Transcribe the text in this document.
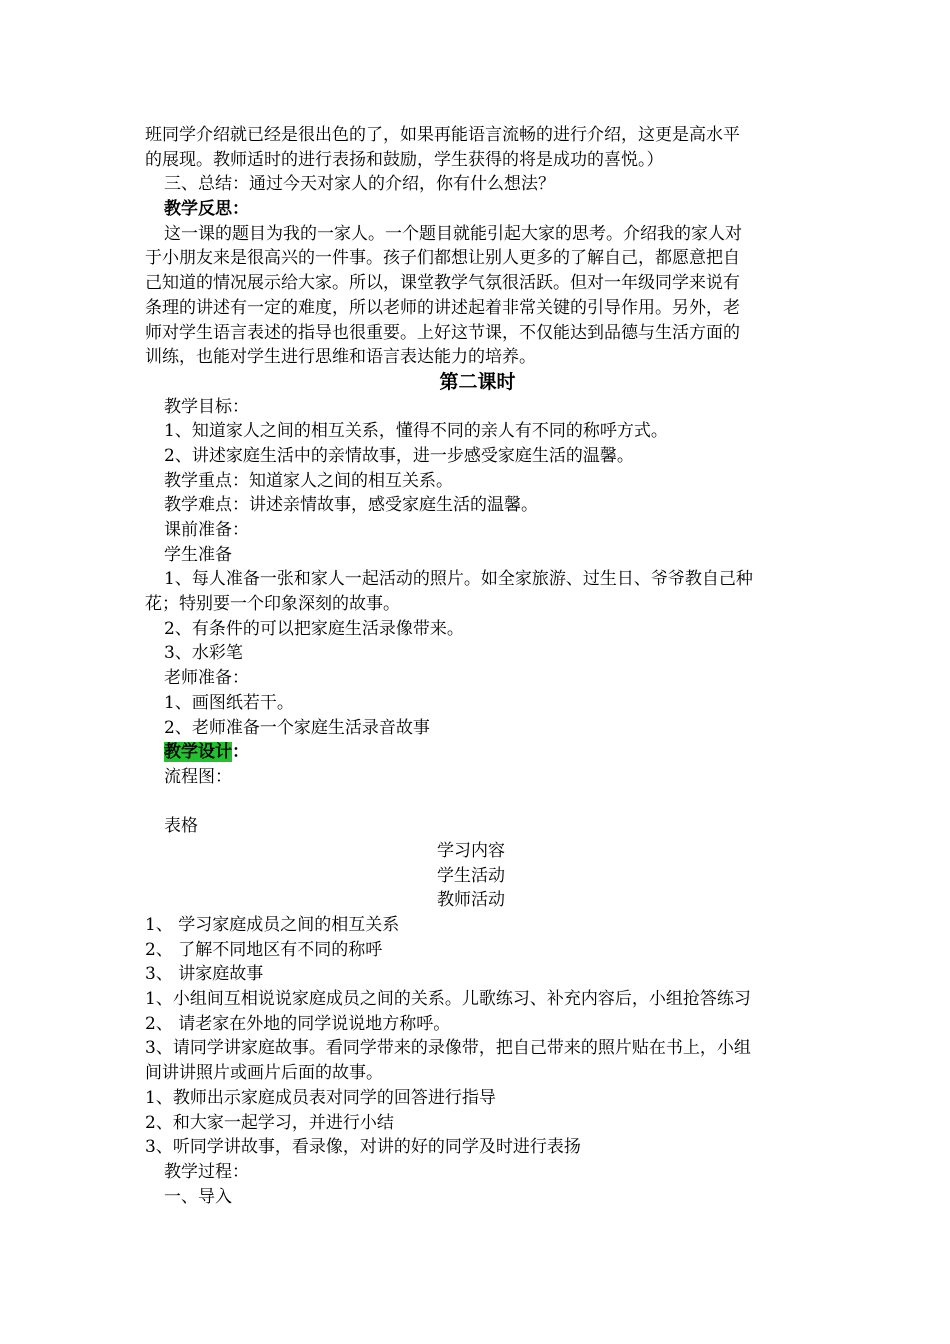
班同学介绍就已经是很出色的了，如果再能语言流畅的进行介绍，这更是高水平
的展现。教师适时的进行表扬和鼓励，学生获得的将是成功的喜悦。）
三、总结：通过今天对家人的介绍，你有什么想法？
教学反思：
这一课的题目为我的一家人。一个题目就能引起大家的思考。介绍我的家人对
于小朋友来是很高兴的一件事。孩子们都想让别人更多的了解自己，都愿意把自
己知道的情况展示给大家。所以，课堂教学气氛很活跃。但对一年级同学来说有
条理的讲述有一定的难度，所以老师的讲述起着非常关键的引导作用。另外，老
师对学生语言表述的指导也很重要。上好这节课，不仅能达到品德与生活方面的
训练，也能对学生进行思维和语言表达能力的培养。
第二课时
教学目标：
1、知道家人之间的相互关系，懂得不同的亲人有不同的称呼方式。
2、讲述家庭生活中的亲情故事，进一步感受家庭生活的温馨。
教学重点：知道家人之间的相互关系。
教学难点：讲述亲情故事，感受家庭生活的温馨。
课前准备：
学生准备
1、每人准备一张和家人一起活动的照片。如全家旅游、过生日、爷爷教自己种
花；特别要一个印象深刻的故事。
2、有条件的可以把家庭生活录像带来。
3、水彩笔
老师准备：
1、画图纸若干。
2、老师准备一个家庭生活录音故事
教学设计：
流程图：
表格
学习内容
学生活动
教师活动
1、 学习家庭成员之间的相互关系
2、 了解不同地区有不同的称呼
3、 讲家庭故事
1、小组间互相说说家庭成员之间的关系。儿歌练习、补充内容后，小组抢答练习
2、 请老家在外地的同学说说地方称呼。
3、请同学讲家庭故事。看同学带来的录像带，把自己带来的照片贴在书上，小组
间讲讲照片或画片后面的故事。
1、教师出示家庭成员表对同学的回答进行指导
2、和大家一起学习，并进行小结
3、听同学讲故事，看录像，对讲的好的同学及时进行表扬
教学过程：
一、导入
